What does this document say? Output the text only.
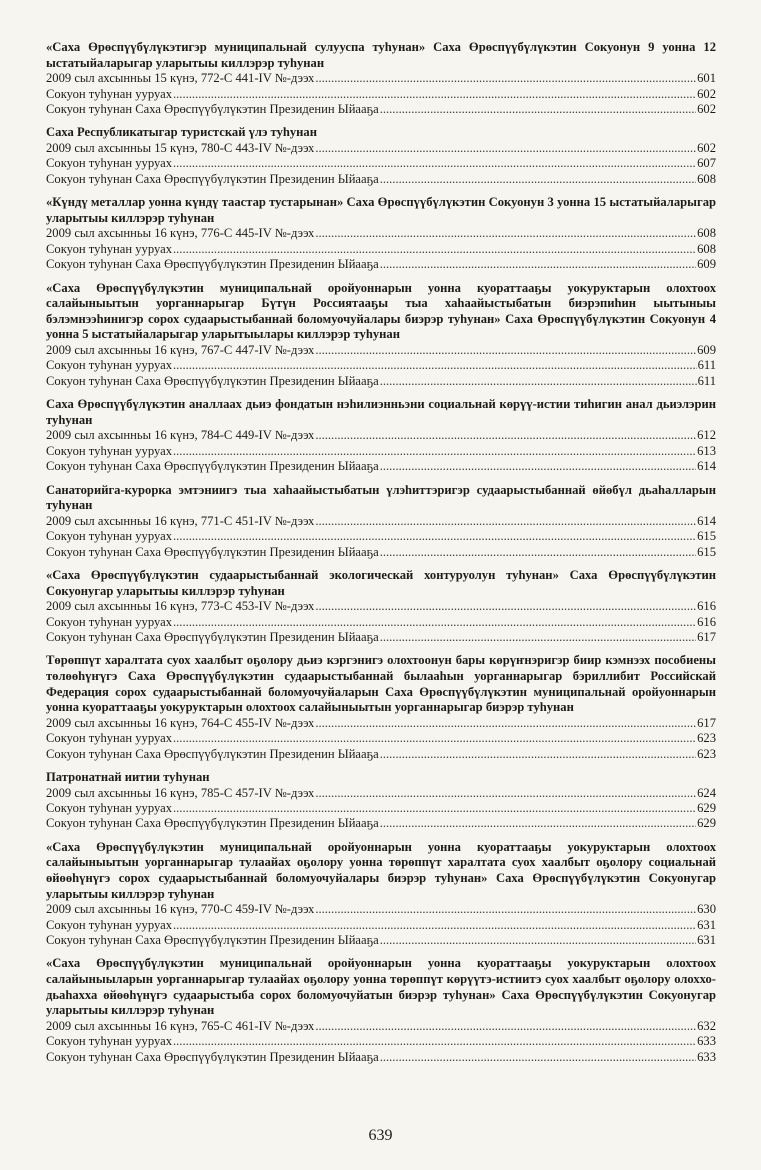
«Саха Өрөспүүбүлүкэтигэр муниципальнай сулууспа туһунан» Саха Өрөспүүбүлүкэтин Сокуонун 9 уонна 12 ыстатыйаларыгар уларытыы киллэрэр туһунан

2009 сыл ахсынньы 15 күнэ, 772-С 441-IV №-дээх .....	601
Сокуон туһунан ууруах .....	602
Сокуон туһунан Саха Өрөспүүбүлүкэтин Президенин Ыйааҕа .....	602

Саха Республикатыгар туристскай үлэ туһунан

2009 сыл ахсынньы 15 күнэ, 780-С 443-IV №-дээх .....	602
Сокуон туһунан ууруах .....	607
Сокуон туһунан Саха Өрөспүүбүлүкэтин Президенин Ыйааҕа .....	608

«Күндү металлар уонна күндү таастар тустарынан» Саха Өрөспүүбүлүкэтин Сокуонун 3 уонна 15 ыстатыйаларыгар уларытыы киллэрэр туһунан

2009 сыл ахсынньы 16 күнэ, 776-С 445-IV №-дээх .....	608
Сокуон туһунан ууруах .....	608
Сокуон туһунан Саха Өрөспүүбүлүкэтин Президенин Ыйааҕа .....	609

«Саха Өрөспүүбүлүкэтин муниципальнай оройуоннарын уонна куораттааҕы уокуруктарын олохтоох салайыныытын уорганнарыгар Бүтүн Россиятааҕы тыа хаһаайыстыбатын биэрэпиһин ыытыныы бэлэмнээһинигэр сорох судаарыстыбаннай боломуочуйалары биэрэр туһунан» Саха Өрөспүүбүлүкэтин Сокуонун 4 уонна 5 ыстатыйаларыгар уларытыылары киллэрэр туһунан

2009 сыл ахсынньы 16 күнэ, 767-С 447-IV №-дээх .....	609
Сокуон туһунан ууруах .....	611
Сокуон туһунан Саха Өрөспүүбүлүкэтин Президенин Ыйааҕа .....	611

Саха Өрөспүүбүлүкэтин аналлаах дьиэ фондатын нэһилиэнньэни социальнай көрүү-истии тиһигин анал дьиэлэрин туһунан

2009 сыл ахсынньы 16 күнэ, 784-С 449-IV №-дээх .....	612
Сокуон туһунан ууруах .....	613
Сокуон туһунан Саха Өрөспүүбүлүкэтин Президенин Ыйааҕа .....	614

Санаторийга-курорка эмтэниигэ тыа хаһаайыстыбатын үлэһиттэригэр судаарыстыбаннай өйөбүл дьаһалларын туһунан

2009 сыл ахсынньы 16 күнэ, 771-С 451-IV №-дээх .....	614
Сокуон туһунан ууруах .....	615
Сокуон туһунан Саха Өрөспүүбүлүкэтин Президенин Ыйааҕа .....	615

«Саха Өрөспүүбүлүкэтин судаарыстыбаннай экологическай хонтуруолун туһунан» Саха Өрөспүүбүлүкэтин Сокуонугар уларытыы киллэрэр туһунан

2009 сыл ахсынньы 16 күнэ, 773-С 453-IV №-дээх .....	616
Сокуон туһунан ууруах .....	616
Сокуон туһунан Саха Өрөспүүбүлүкэтин Президенин Ыйааҕа .....	617

Төрөппүт харалтата суох хаалбыт оҕолору дьиэ кэргэнигэ олохтоонун бары көрүҥнэригэр биир кэмнээх пособиены төлөөһүҥүгэ Саха Өрөспүүбүлүкэтин судаарыстыбаннай былааһын уорганнарыгар бэриллибит Российскай Федерация сорох судаарыстыбаннай боломуочуйаларын Саха Өрөспүүбүлүкэтин муниципальнай оройуоннарын уонна куораттааҕы уокуруктарын олохтоох салайыныытын уорганнарыгар биэрэр туһунан

2009 сыл ахсынньы 16 күнэ, 764-С 455-IV №-дээх .....	617
Сокуон туһунан ууруах .....	623
Сокуон туһунан Саха Өрөспүүбүлүкэтин Президенин Ыйааҕа .....	623

Патронатнай иитии туһунан

2009 сыл ахсынньы 16 күнэ, 785-С 457-IV №-дээх .....	624
Сокуон туһунан ууруах .....	629
Сокуон туһунан Саха Өрөспүүбүлүкэтин Президенин Ыйааҕа .....	629

«Саха Өрөспүүбүлүкэтин муниципальнай оройуоннарын уонна куораттааҕы уокуруктарын олохтоох салайыныытын уорганнарыгар тулаайах оҕолору уонна төрөппүт харалтата суох хаалбыт оҕолору социальнай өйөөһүнүгэ сорох судаарыстыбаннай боломуочуйалары биэрэр туһунан» Саха Өрөспүүбүлүкэтин Сокуонугар уларытыы киллэрэр туһунан

2009 сыл ахсынньы 16 күнэ, 770-С 459-IV №-дээх .....	630
Сокуон туһунан ууруах .....	631
Сокуон туһунан Саха Өрөспүүбүлүкэтин Президенин Ыйааҕа .....	631

«Саха Өрөспүүбүлүкэтин муниципальнай оройуоннарын уонна куораттааҕы уокуруктарын олохтоох салайыныыларын уорганнарыгар тулаайах оҕолору уонна төрөппүт көрүүтэ-истиитэ суох хаалбыт оҕолору олоххо-дьаһахха өйөөһүнүгэ судаарыстыба сорох боломуочуйатын биэрэр туһунан» Саха Өрөспүүбүлүкэтин Сокуонугар уларытыы киллэрэр туһунан

2009 сыл ахсынньы 16 күнэ, 765-С 461-IV №-дээх .....	632
Сокуон туһунан ууруах .....	633
Сокуон туһунан Саха Өрөспүүбүлүкэтин Президенин Ыйааҕа .....	633
639
